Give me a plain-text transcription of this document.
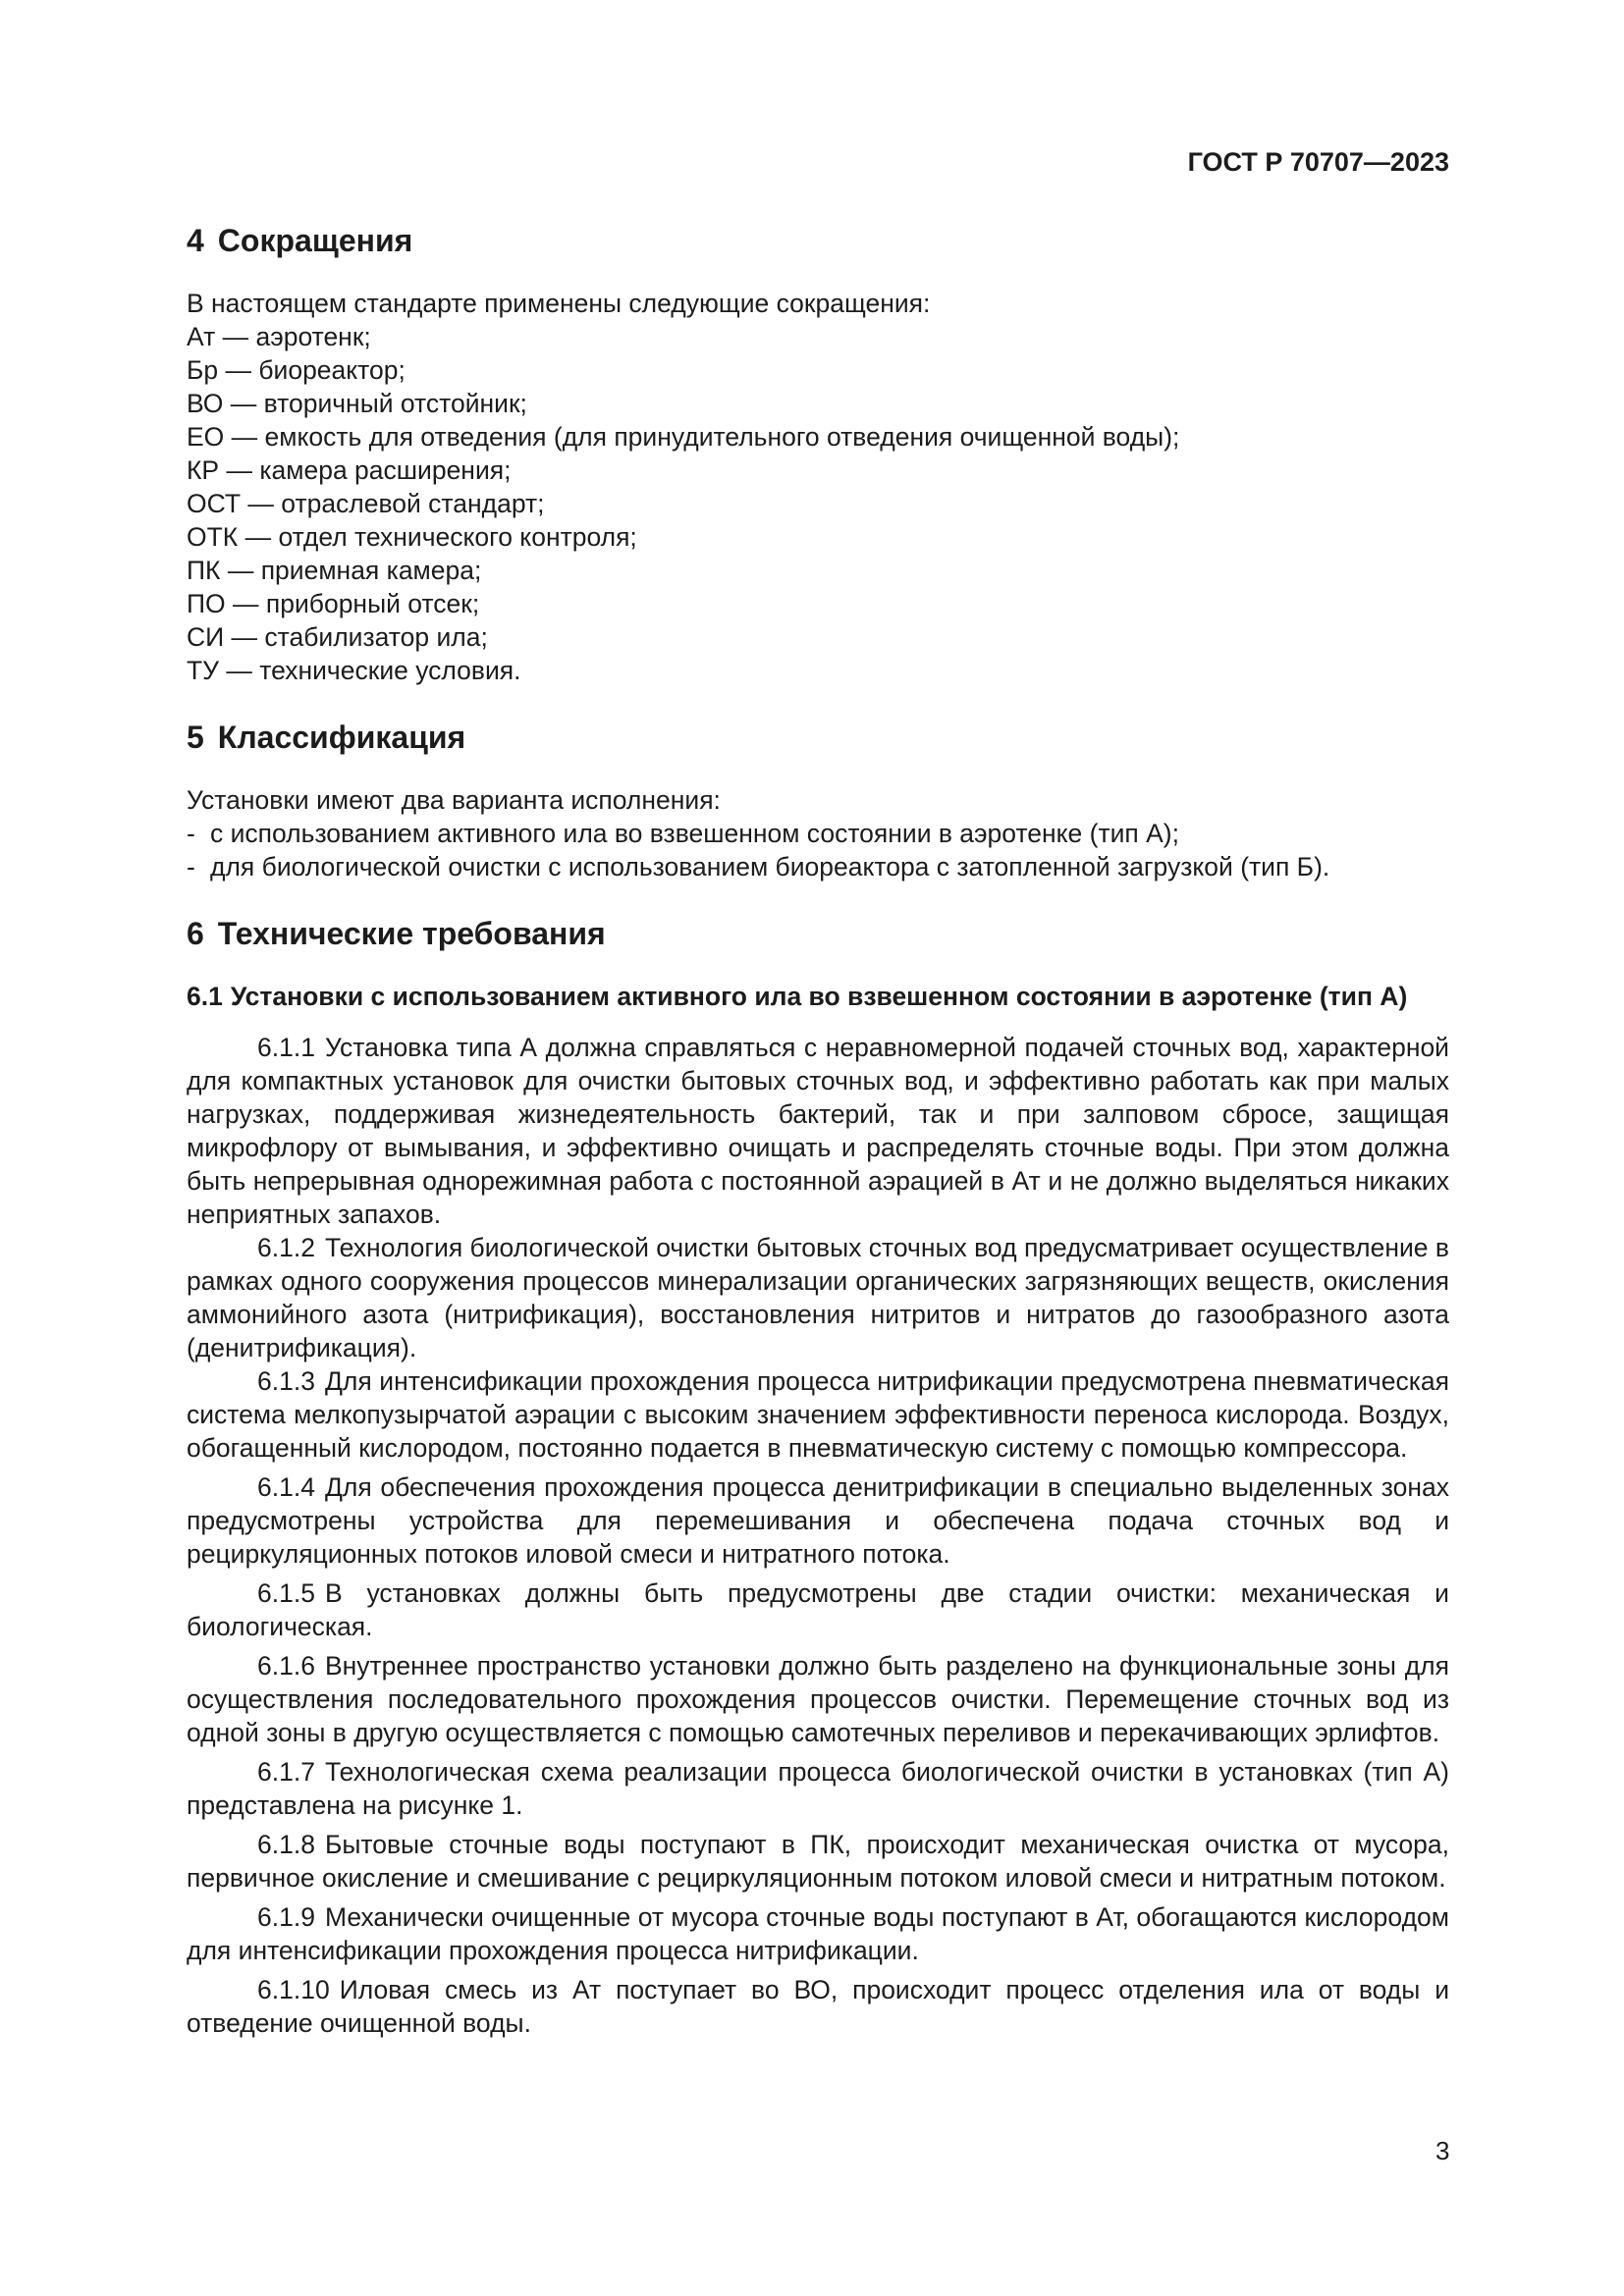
ГОСТ Р 70707—2023
4 Сокращения

В настоящем стандарте применены следующие сокращения:

Ат — аэротенк;

Бр — биореактор;

ВО — вторичный отстойник;

ЕО — емкость для отведения (для принудительного отведения очищенной воды);

КР — камера расширения;

ОСТ — отраслевой стандарт;

ОТК — отдел технического контроля;

ПК — приемная камера;

ПО — приборный отсек;

СИ — стабилизатор ила;

ТУ — технические условия.

5 Классификация

Установки имеют два варианта исполнения:

- с использованием активного ила во взвешенном состоянии в аэротенке (тип А);

- для биологической очистки с использованием биореактора с затопленной загрузкой (тип Б).

6 Технические требования
6.1 Установки с использованием активного ила во взвешенном состоянии в аэротенке (тип А)

6.1.1 Установка типа А должна справляться с неравномерной подачей сточных вод, характерной для компактных установок для очистки бытовых сточных вод, и эффективно работать как при малых нагрузках, поддерживая жизнедеятельность бактерий, так и при залповом сбросе, защищая микрофлору от вымывания, и эффективно очищать и распределять сточные воды. При этом должна быть непрерывная однорежимная работа с постоянной аэрацией в Ат и не должно выделяться никаких неприятных запахов.

6.1.2 Технология биологической очистки бытовых сточных вод предусматривает осуществление в рамках одного сооружения процессов минерализации органических загрязняющих веществ, окисления аммонийного азота (нитрификация), восстановления нитритов и нитратов до газообразного азота (денитрификация).

6.1.3 Для интенсификации прохождения процесса нитрификации предусмотрена пневматическая система мелкопузырчатой аэрации с высоким значением эффективности переноса кислорода. Воздух, обогащенный кислородом, постоянно подается в пневматическую систему с помощью компрессора.

6.1.4 Для обеспечения прохождения процесса денитрификации в специально выделенных зонах предусмотрены устройства для перемешивания и обеспечена подача сточных вод и рециркуляционных потоков иловой смеси и нитратного потока.

6.1.5 В установках должны быть предусмотрены две стадии очистки: механическая и биологическая.

6.1.6 Внутреннее пространство установки должно быть разделено на функциональные зоны для осуществления последовательного прохождения процессов очистки. Перемещение сточных вод из одной зоны в другую осуществляется с помощью самотечных переливов и перекачивающих эрлифтов.

6.1.7 Технологическая схема реализации процесса биологической очистки в установках (тип А) представлена на рисунке 1.

6.1.8 Бытовые сточные воды поступают в ПК, происходит механическая очистка от мусора, первичное окисление и смешивание с рециркуляционным потоком иловой смеси и нитратным потоком.

6.1.9 Механически очищенные от мусора сточные воды поступают в Ат, обогащаются кислородом для интенсификации прохождения процесса нитрификации.

6.1.10 Иловая смесь из Ат поступает во ВО, происходит процесс отделения ила от воды и отведение очищенной воды.

3
